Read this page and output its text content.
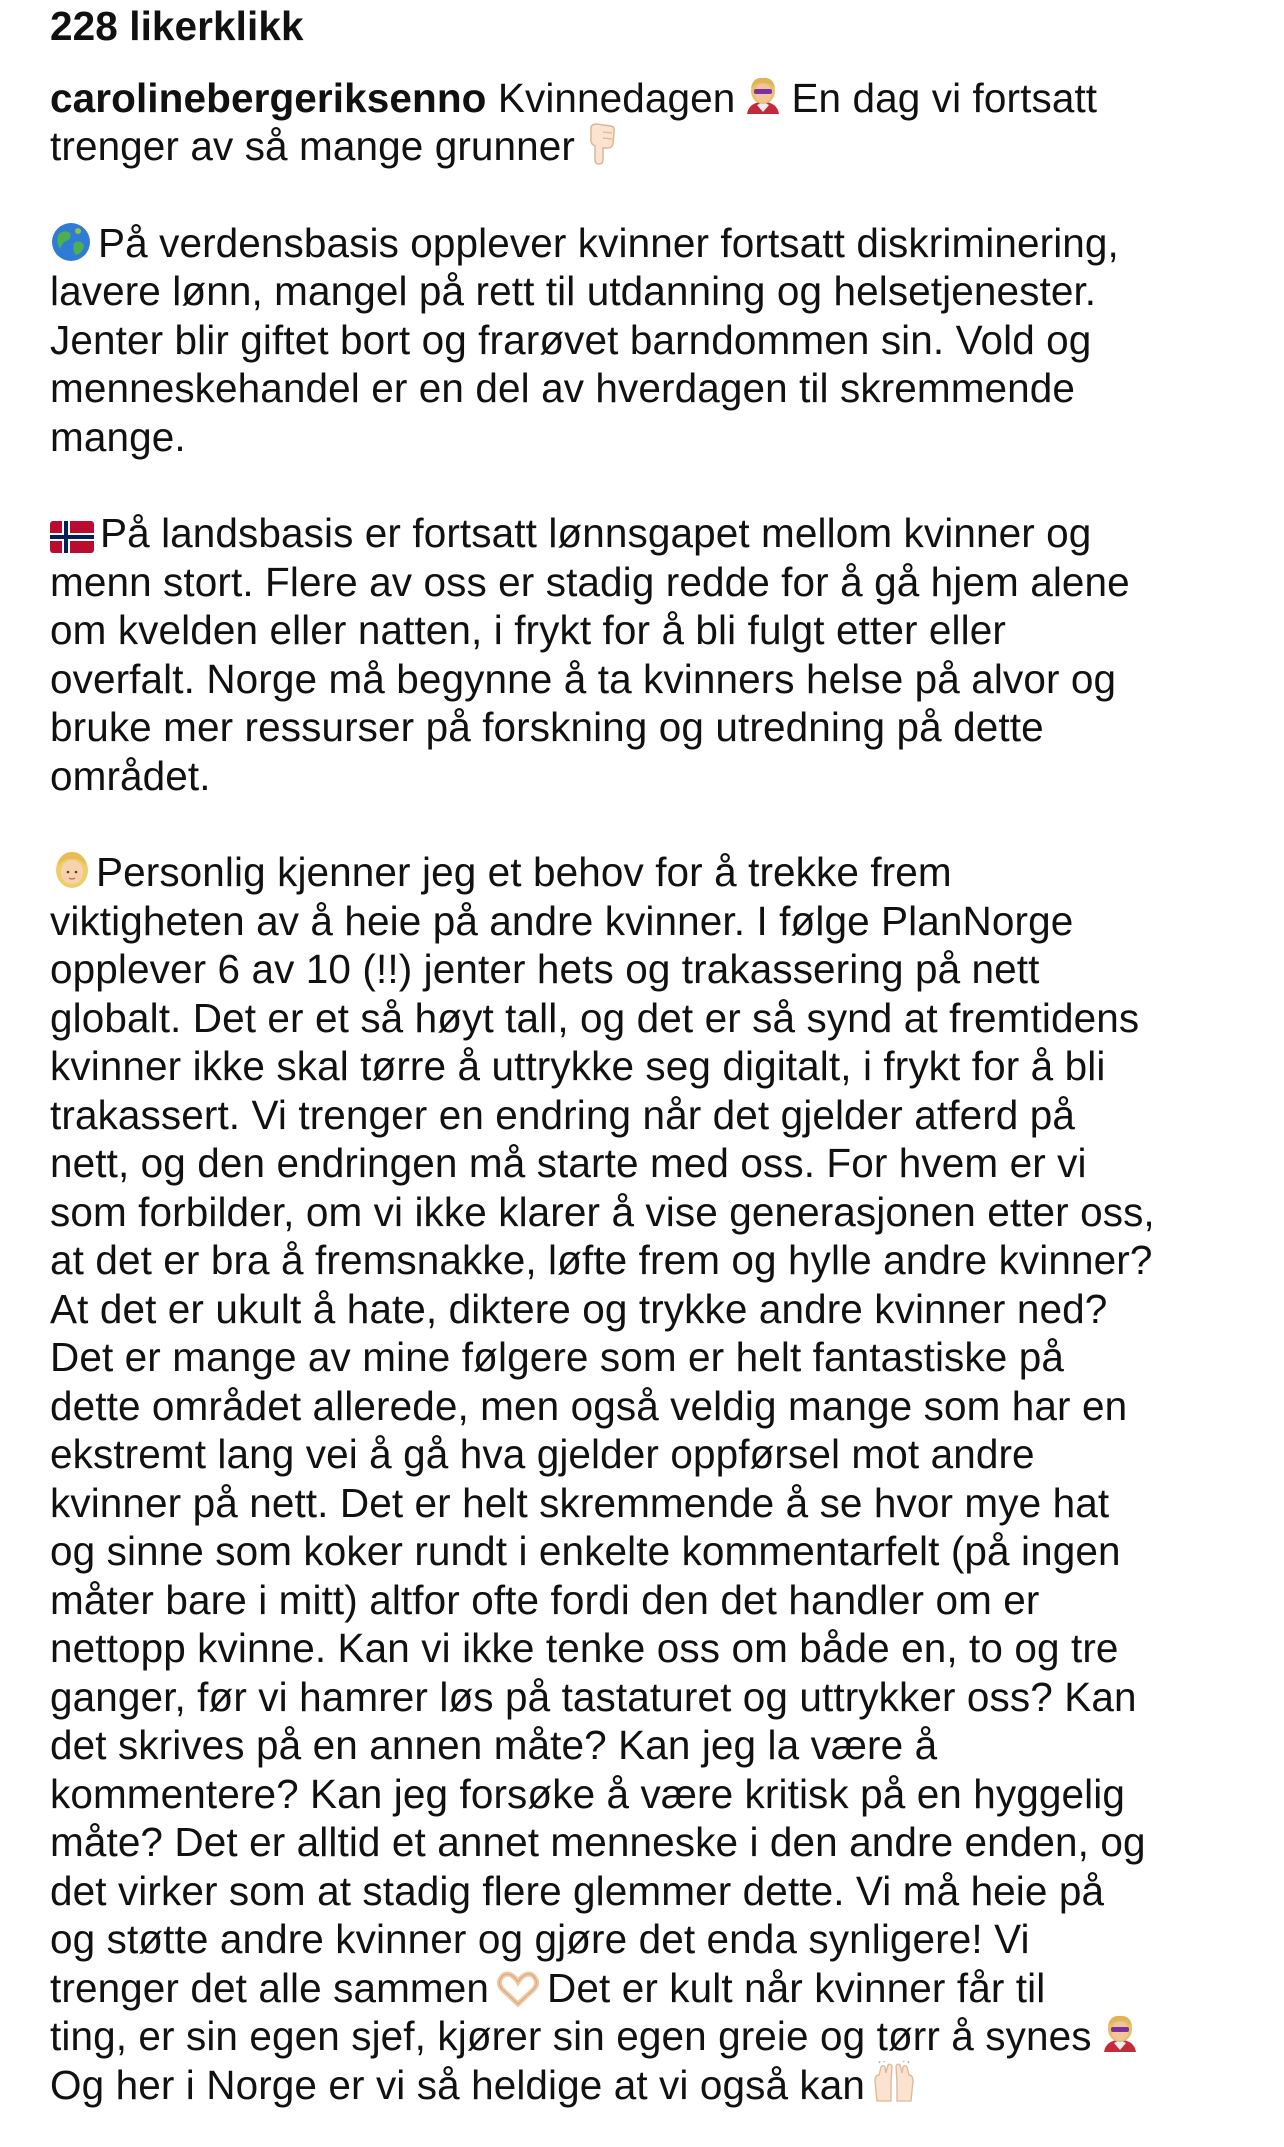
228 likerklikk
carolinebergeriksenno Kvinnedagen En dag vi fortsatt
trenger av så mange grunner
På verdensbasis opplever kvinner fortsatt diskriminering,
lavere lønn, mangel på rett til utdanning og helsetjenester.
Jenter blir giftet bort og frarøvet barndommen sin. Vold og
menneskehandel er en del av hverdagen til skremmende
mange.
På landsbasis er fortsatt lønnsgapet mellom kvinner og
menn stort. Flere av oss er stadig redde for å gå hjem alene
om kvelden eller natten, i frykt for å bli fulgt etter eller
overfalt. Norge må begynne å ta kvinners helse på alvor og
bruke mer ressurser på forskning og utredning på dette
området.
Personlig kjenner jeg et behov for å trekke frem
viktigheten av å heie på andre kvinner. I følge PlanNorge
opplever 6 av 10 (!!) jenter hets og trakassering på nett
globalt. Det er et så høyt tall, og det er så synd at fremtidens
kvinner ikke skal tørre å uttrykke seg digitalt, i frykt for å bli
trakassert. Vi trenger en endring når det gjelder atferd på
nett, og den endringen må starte med oss. For hvem er vi
som forbilder, om vi ikke klarer å vise generasjonen etter oss,
at det er bra å fremsnakke, løfte frem og hylle andre kvinner?
At det er ukult å hate, diktere og trykke andre kvinner ned?
Det er mange av mine følgere som er helt fantastiske på
dette området allerede, men også veldig mange som har en
ekstremt lang vei å gå hva gjelder oppførsel mot andre
kvinner på nett. Det er helt skremmende å se hvor mye hat
og sinne som koker rundt i enkelte kommentarfelt (på ingen
måter bare i mitt) altfor ofte fordi den det handler om er
nettopp kvinne. Kan vi ikke tenke oss om både en, to og tre
ganger, før vi hamrer løs på tastaturet og uttrykker oss? Kan
det skrives på en annen måte? Kan jeg la være å
kommentere? Kan jeg forsøke å være kritisk på en hyggelig
måte? Det er alltid et annet menneske i den andre enden, og
det virker som at stadig flere glemmer dette. Vi må heie på
og støtte andre kvinner og gjøre det enda synligere! Vi
trenger det alle sammen Det er kult når kvinner får til
ting, er sin egen sjef, kjører sin egen greie og tørr å synes
Og her i Norge er vi så heldige at vi også kan
